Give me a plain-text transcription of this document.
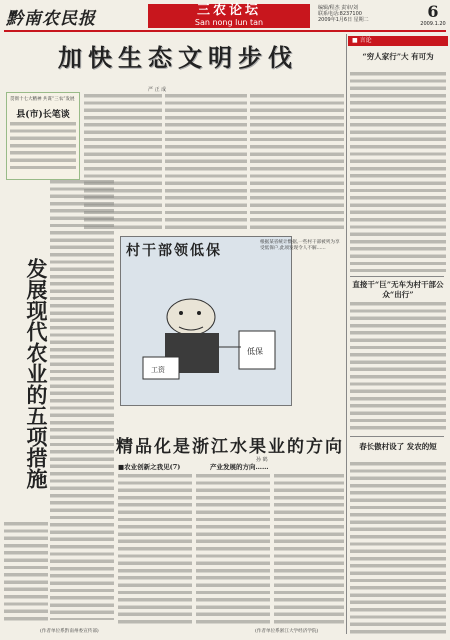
黔南农民报	三农论坛
San nong lun tan
编辑/程杰 责审/刘
联系电话:8237100
2009年1月6日 星期二	6
2009.1.20
加快生态文明步伐
严 正 成
贯彻十七大精神 共谋“三农”发展
县(市)长笔谈
发展现代农业的五项措施	低保
工资
村干部领低保
根据某省统计数据,一些村干部被列为享受低保户,此项发现令人不解……
精品化是浙江水果业的方向
孙 鹤
■农业创新之我见(7)	产业发展的方向……
(作者单位系黔南州委宣传部)	(作者单位系浙江大学经济学院)
■ 言论
“穷人家行”大 有可为
直接干“巨”无车为村干部公众“出行”
春长傲村设了 发农的短
